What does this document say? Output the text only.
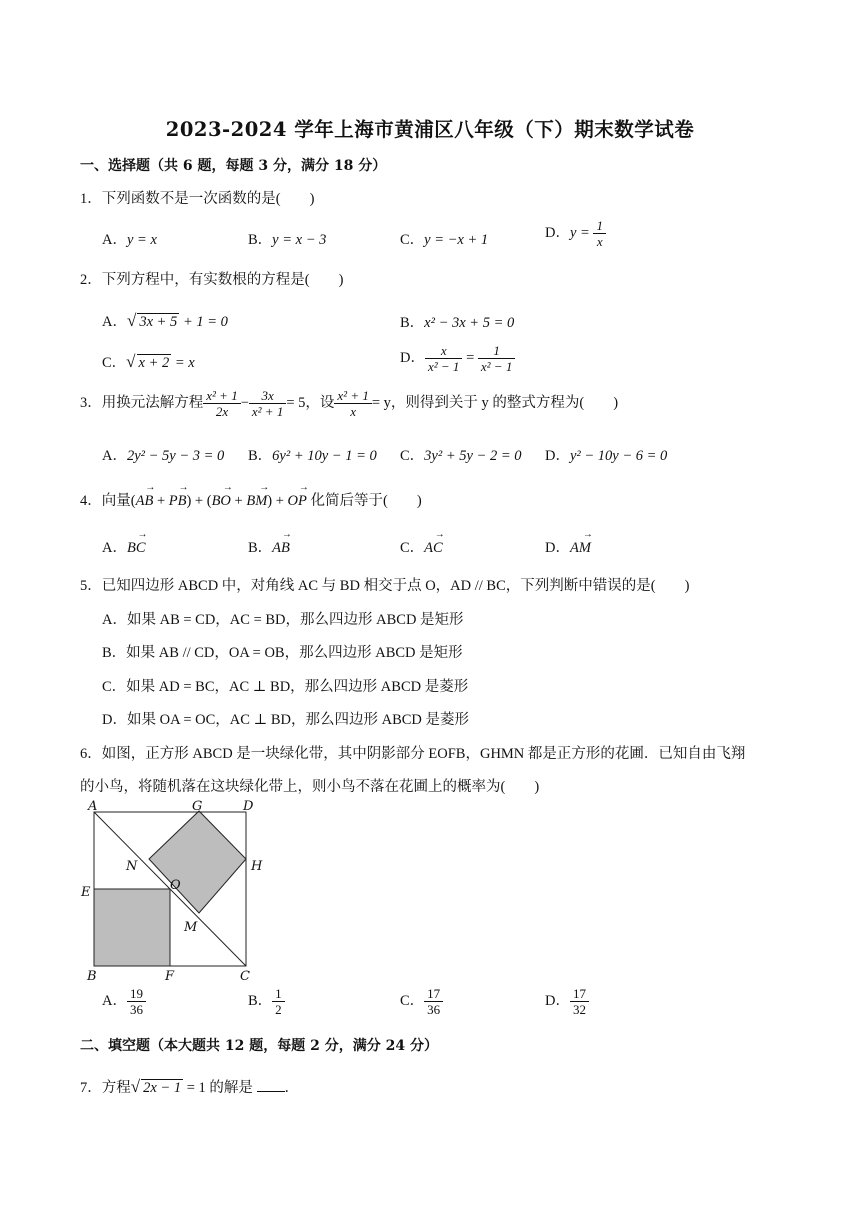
2023-2024 学年上海市黄浦区八年级（下）期末数学试卷
一、选择题（共 6 题，每题 3 分，满分 18 分）
1．下列函数不是一次函数的是(　　)
A．y = x	B．y = x − 3	C．y = −x + 1	D．$y = \frac{1}{x}$
2．下列方程中，有实数根的方程是(　　)
A．√ 3x + 5 + 1 = 0	B．x² − 3x + 5 = 0
C．√ x + 2 = x	D． $\frac{x}{\text{x² − 1}} = \frac{1}{\text{x² − 1}}$
3．用换元法解方程 $\frac{\text{x² + 1}}{2x} - \frac{3x}{\text{x² + 1}} = 5$，设 $\frac{\text{x² + 1}}{x} = y$，则得到关于 y 的整式方程为(　　)
A．2y² − 5y − 3 = 0 B．6y² + 10y − 1 = 0 C．3y² + 5y − 2 = 0 D．y² − 10y − 6 = 0
4．向量(→ AB + → PB) + (→ BO + → BM) + → OP 化简后等于(　　)
A．→ BC	B．→ AB	C．→ AC	D．→ AM
5．已知四边形 ABCD 中，对角线 AC 与 BD 相交于点 O，AD // BC，下列判断中错误的是(　　)
A．如果 AB = CD，AC = BD，那么四边形 ABCD 是矩形
B．如果 AB // CD，OA = OB，那么四边形 ABCD 是矩形
C．如果 AD = BC，AC ⊥ BD，那么四边形 ABCD 是菱形
D．如果 OA = OC，AC ⊥ BD，那么四边形 ABCD 是菱形
6．如图，正方形 ABCD 是一块绿化带，其中阴影部分 EOFB，GHMN 都是正方形的花圃．已知自由飞翔
的小鸟，将随机落在这块绿化带上，则小鸟不落在花圃上的概率为(　　)
A	G	D
N	H
E	O
M
B	F	C
A． $\frac{19}{36}$	B． $\frac{1}{2}$	C． $\frac{17}{36}$	D． $\frac{17}{32}$
二、填空题（本大题共 12 题，每题 2 分，满分 24 分）
7．方程√ 2x − 1 = 1 的解是 ．
